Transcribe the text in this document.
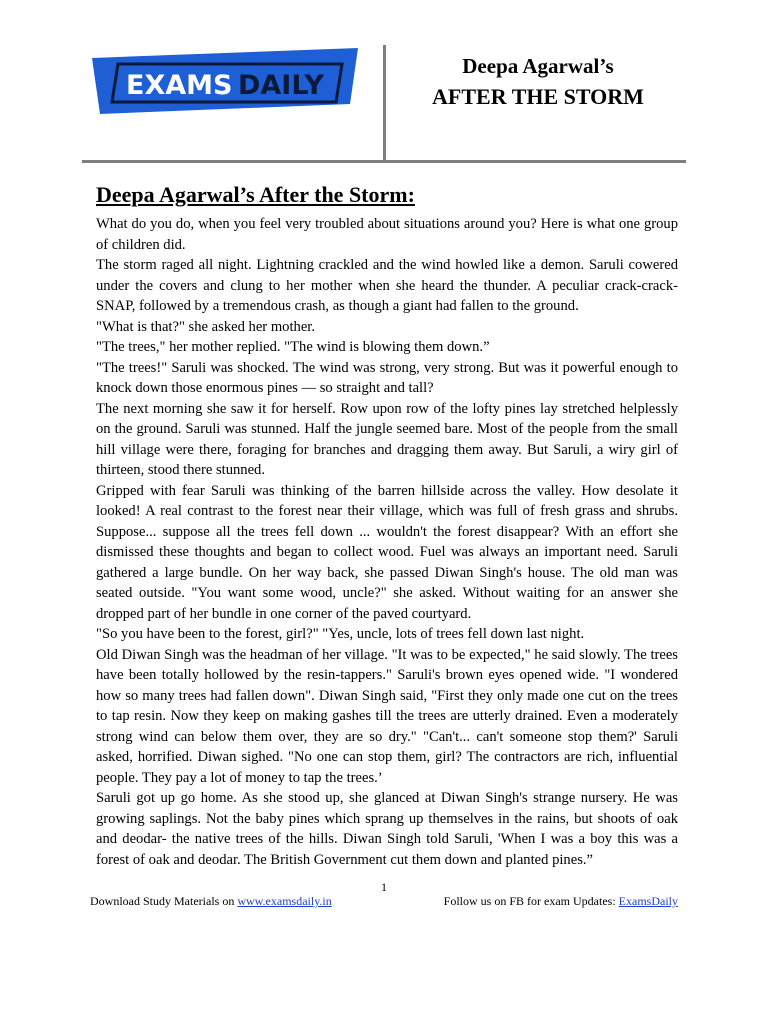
EXAMS DAILY
Deepa Agarwal’s
AFTER THE STORM
Deepa Agarwal’s After the Storm:

What do you do, when you feel very troubled about situations around you? Here is what one group of children did.

The storm raged all night. Lightning crackled and the wind howled like a demon. Saruli cowered under the covers and clung to her mother when she heard the thunder. A peculiar crack-crack-SNAP, followed by a tremendous crash, as though a giant had fallen to the ground.

"What is that?" she asked her mother.

"The trees," her mother replied. "The wind is blowing them down.”

"The trees!" Saruli was shocked. The wind was strong, very strong. But was it powerful enough to knock down those enormous pines — so straight and tall?

The next morning she saw it for herself. Row upon row of the lofty pines lay stretched helplessly on the ground. Saruli was stunned. Half the jungle seemed bare. Most of the people from the small hill village were there, foraging for branches and dragging them away. But Saruli, a wiry girl of thirteen, stood there stunned.

Gripped with fear Saruli was thinking of the barren hillside across the valley. How desolate it looked! A real contrast to the forest near their village, which was full of fresh grass and shrubs. Suppose... suppose all the trees fell down ... wouldn't the forest disappear? With an effort she dismissed these thoughts and began to collect wood. Fuel was always an important need. Saruli gathered a large bundle. On her way back, she passed Diwan Singh's house. The old man was seated outside. "You want some wood, uncle?" she asked. Without waiting for an answer she dropped part of her bundle in one corner of the paved courtyard.

"So you have been to the forest, girl?" "Yes, uncle, lots of trees fell down last night.

Old Diwan Singh was the headman of her village. "It was to be expected," he said slowly. The trees have been totally hollowed by the resin-tappers." Saruli's brown eyes opened wide. "I wondered how so many trees had fallen down". Diwan Singh said, "First they only made one cut on the trees to tap resin. Now they keep on making gashes till the trees are utterly drained. Even a moderately strong wind can below them over, they are so dry." "Can't... can't someone stop them?' Saruli asked, horrified. Diwan sighed. "No one can stop them, girl? The contractors are rich, influential people. They pay a lot of money to tap the trees.’

Saruli got up go home. As she stood up, she glanced at Diwan Singh's strange nursery. He was growing saplings. Not the baby pines which sprang up themselves in the rains, but shoots of oak and deodar- the native trees of the hills. Diwan Singh told Saruli, 'When I was a boy this was a forest of oak and deodar. The British Government cut them down and planted pines.”

1
Download Study Materials on www.examsdaily.in	Follow us on FB for exam Updates: ExamsDaily
